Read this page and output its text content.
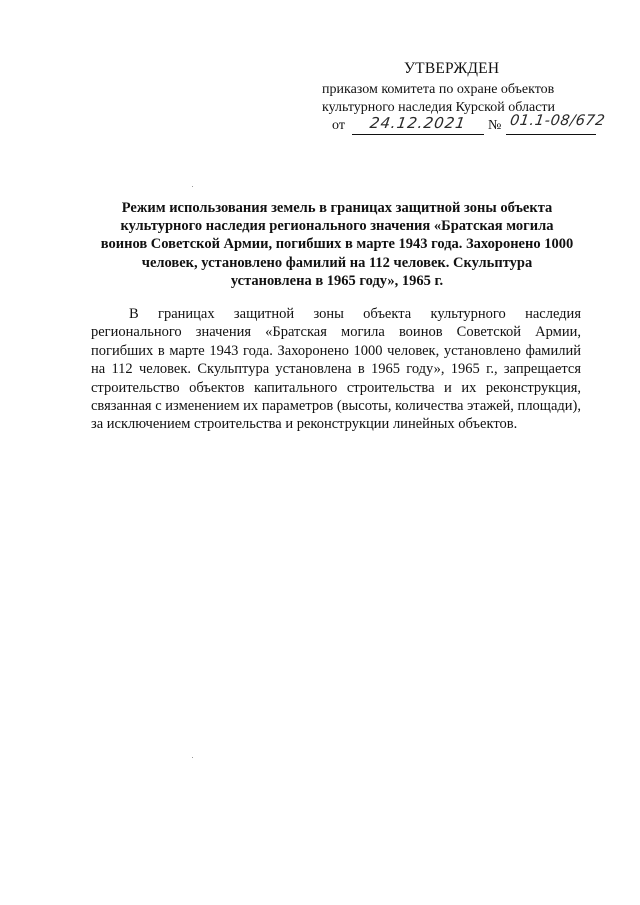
УТВЕРЖДЕН
приказом комитета по охране объектов
культурного наследия Курской области
от 24.12.2021 № 01.1-08/672
Режим использования земель в границах защитной зоны объекта культурного наследия регионального значения «Братская могила воинов Советской Армии, погибших в марте 1943 года. Захоронено 1000 человек, установлено фамилий на 112 человек. Скульптура установлена в 1965 году», 1965 г.
В границах защитной зоны объекта культурного наследия регионального значения «Братская могила воинов Советской Армии, погибших в марте 1943 года. Захоронено 1000 человек, установлено фамилий на 112 человек. Скульптура установлена в 1965 году», 1965 г., запрещается строительство объектов капитального строительства и их реконструкция, связанная с изменением их параметров (высоты, количества этажей, площади), за исключением строительства и реконструкции линейных объектов.
